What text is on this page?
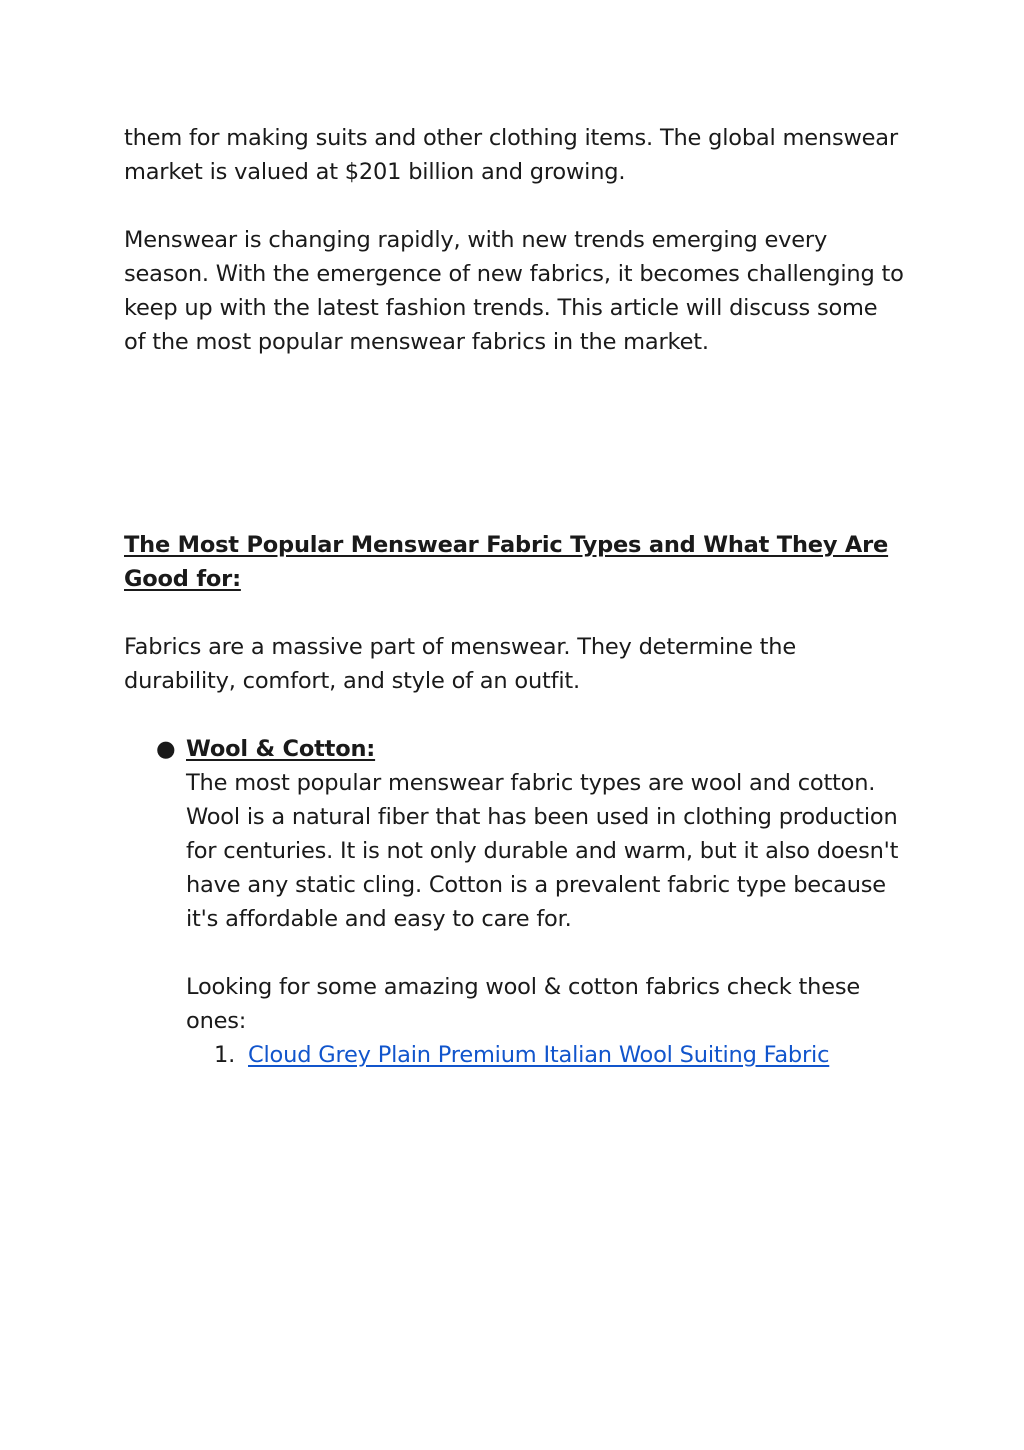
them for making suits and other clothing items. The global menswear market is valued at $201 billion and growing.

Menswear is changing rapidly, with new trends emerging every season. With the emergence of new fabrics, it becomes challenging to keep up with the latest fashion trends. This article will discuss some of the most popular menswear fabrics in the market.

The Most Popular Menswear Fabric Types and What They Are Good for:

Fabrics are a massive part of menswear. They determine the durability, comfort, and style of an outfit.

● Wool & Cotton:

The most popular menswear fabric types are wool and cotton. Wool is a natural fiber that has been used in clothing production for centuries. It is not only durable and warm, but it also doesn't have any static cling. Cotton is a prevalent fabric type because it's affordable and easy to care for.

Looking for some amazing wool & cotton fabrics check these ones:

1. Cloud Grey Plain Premium Italian Wool Suiting Fabric
